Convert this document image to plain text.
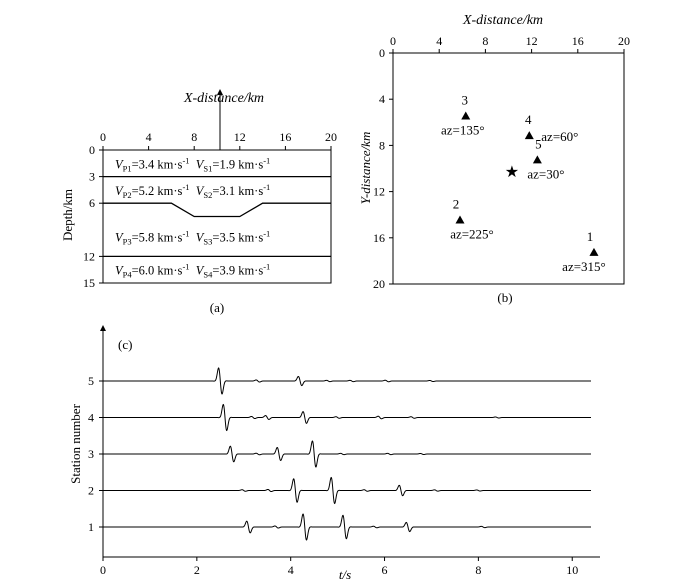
X-distance/km
0	4	8	12	16	20
0
3
6
12
15
$V_{P1}=3.4$ $km\cdot s^{-1}$  $V_{S1}=1.9$ $km\cdot s^{-1}$
$V_{P2}=5.2$ $km\cdot s^{-1}$  $V_{S2}=3.1$ $km\cdot s^{-1}$
$V_{P3}=5.8$ $km\cdot s^{-1}$  $V_{S3}=3.5$ $km\cdot s^{-1}$
$V_{P4}=6.0$ $km\cdot s^{-1}$  $V_{S4}=3.9$ $km\cdot s^{-1}$
Depth/km
(a)
X-distance/km
0	4	8	12	16	20
0
4
8
12
16
20
Y-distance/km
1
az=315°
2
az=225°
3
az=135°
4
az=60°
5
az=30°
★
(b)
(c)
0	2	4	6	8	10
1
2
3
4
5
Station number
t/s
